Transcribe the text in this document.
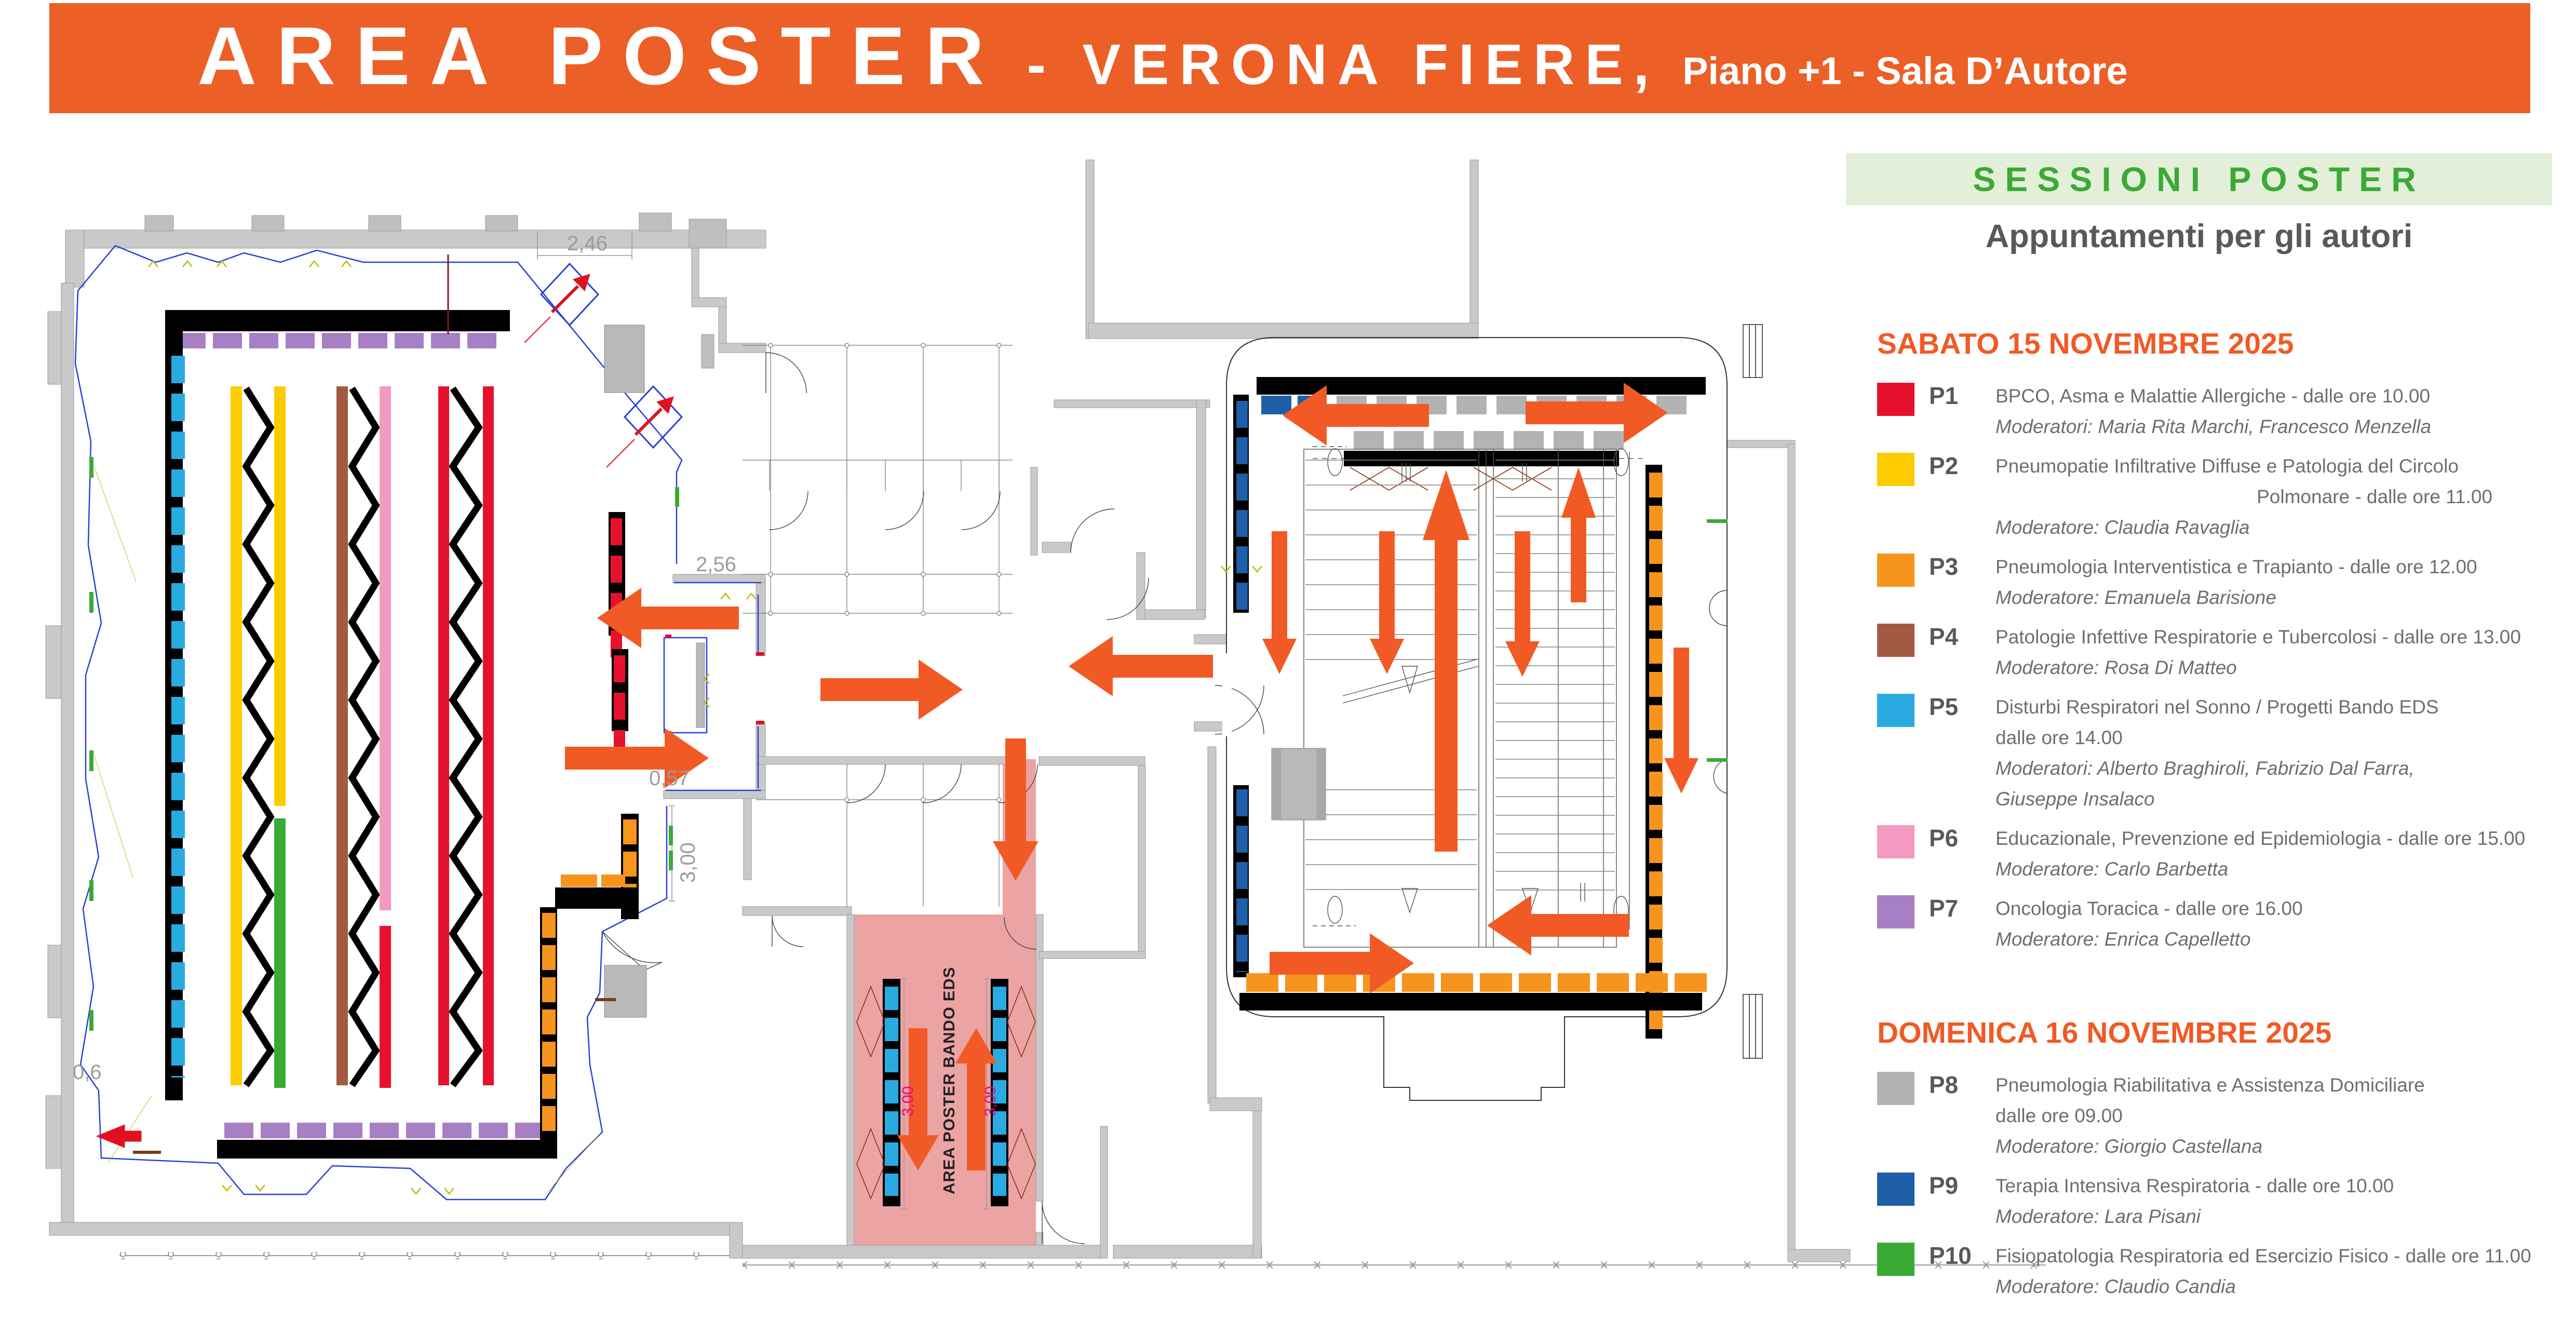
2,46
2,56
0,57
0,6
3,00
3,00	3,00
AREA POSTER BANDO EDS
AREA POSTER - VERONA FIERE, Piano +1 - Sala D’Autore
SESSIONI POSTER
Appuntamenti per gli autori
SABATO 15 NOVEMBRE 2025
P1	BPCO, Asma e Malattie Allergiche - dalle ore 10.00
Moderatori: Maria Rita Marchi, Francesco Menzella
P2	Pneumopatie Infiltrative Diffuse e Patologia del Circolo
Polmonare - dalle ore 11.00
Moderatore: Claudia Ravaglia
P3	Pneumologia Interventistica e Trapianto - dalle ore 12.00
Moderatore: Emanuela Barisione
P4	Patologie Infettive Respiratorie e Tubercolosi - dalle ore 13.00
Moderatore: Rosa Di Matteo
P5	Disturbi Respiratori nel Sonno / Progetti Bando EDS
dalle ore 14.00
Moderatori: Alberto Braghiroli, Fabrizio Dal Farra,
Giuseppe Insalaco
P6	Educazionale, Prevenzione ed Epidemiologia - dalle ore 15.00
Moderatore: Carlo Barbetta
P7	Oncologia Toracica - dalle ore 16.00
Moderatore: Enrica Capelletto
DOMENICA 16 NOVEMBRE 2025
P8	Pneumologia Riabilitativa e Assistenza Domiciliare
dalle ore 09.00
Moderatore: Giorgio Castellana
P9	Terapia Intensiva Respiratoria - dalle ore 10.00
Moderatore: Lara Pisani
P10	Fisiopatologia Respiratoria ed Esercizio Fisico - dalle ore 11.00
Moderatore: Claudio Candia
